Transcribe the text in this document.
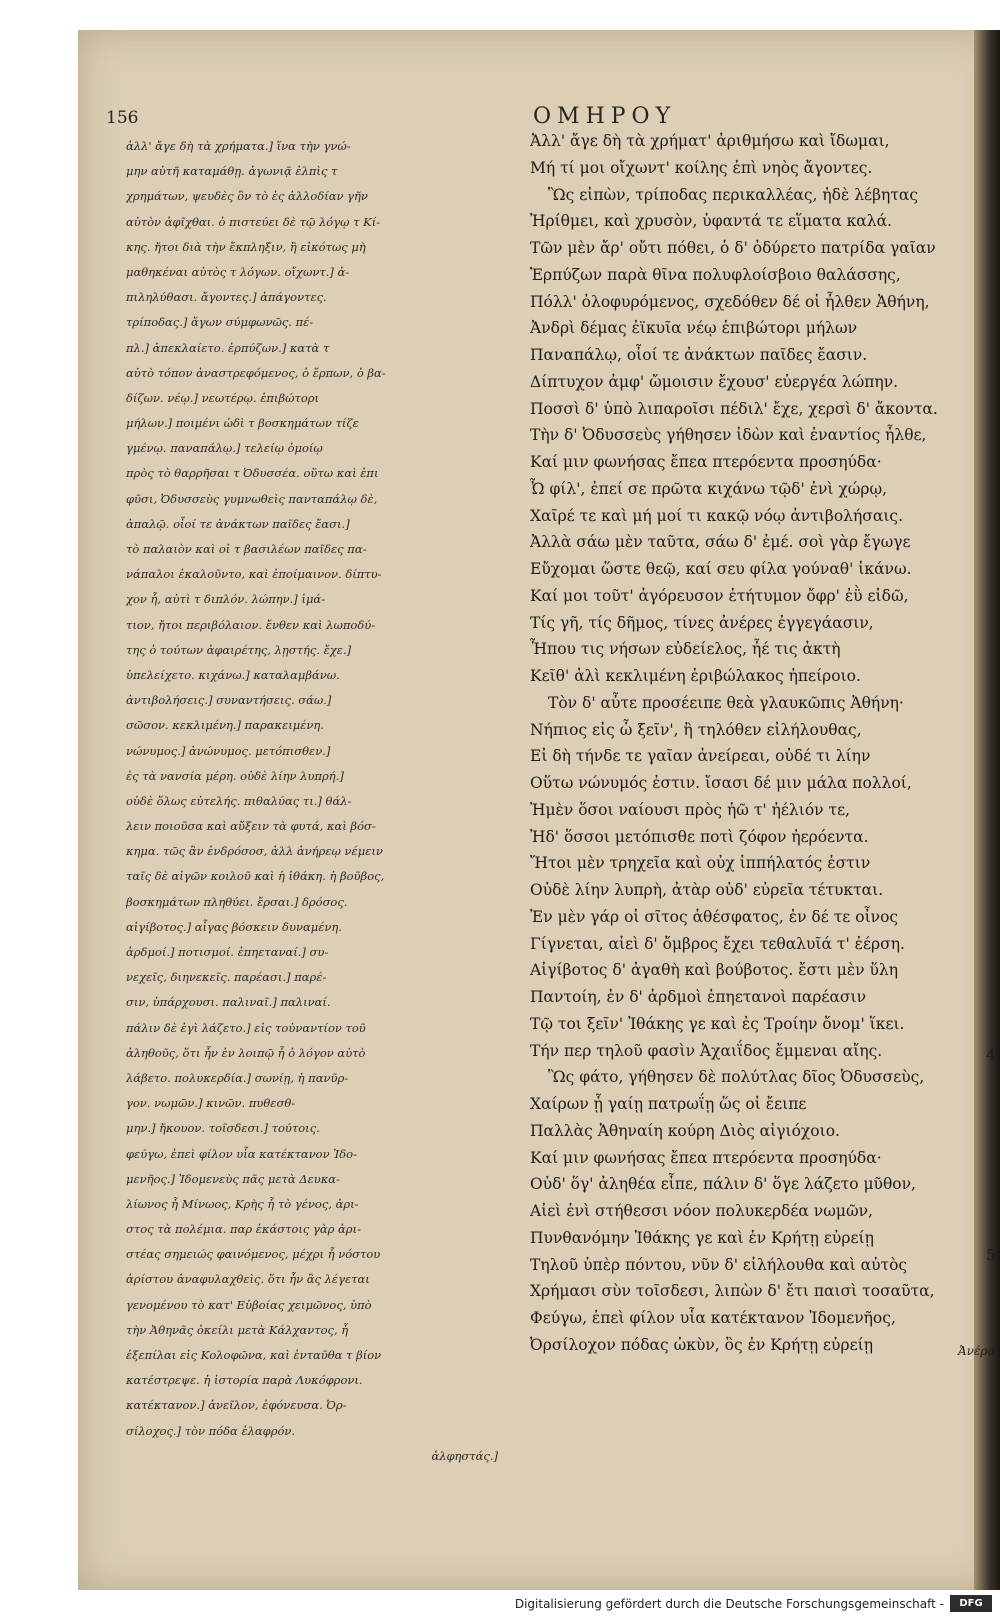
156	ΟΜΗΡΟΥ
ἀλλ' ἄγε δὴ τὰ χρήματα.] ἵνα τὴν γνώ-
μην αὐτῆ καταμάθῃ. ἀγωνιᾷ ἐλπὶς τ
χρημάτων, ψευδὲς ὂν τὸ ἐς ἀλλοδίαν γῆν
αὐτὸν ἀφῖχθαι. ὁ πιστεύει δὲ τῷ λόγῳ τ Κί-
κης. ἤτοι διὰ τὴν ἔκπληξιν, ἢ εἰκότως μὴ
μαθηκέναι αὐτὸς τ λόγων. οἴχωντ.] ἀ-
πιληλύθασι. ἄγοντες.] ἀπάγοντες.
τρίποδας.] ἄγων σύμφωνῶς. πέ-
πλ.] ἀπεκλαίετο. ἑρπύζων.] κατὰ τ
αὐτὸ τόπον ἀναστρεφόμενος, ὁ ἕρπων, ὁ βα-
δίζων. νέῳ.] νεωτέρῳ. ἐπιβώτορι
μήλων.] ποιμένι ὡδὶ τ βοσκημάτων τίζε
γμένῳ. παναπάλῳ.] τελείῳ ὁμοίῳ
πρὸς τὸ θαρρῆσαι τ Ὀδυσσέα. οὕτω καὶ ἐπι
φῦσι, Ὀδυσσεὺς γυμνωθεὶς πανταπάλῳ δὲ,
ἀπαλῷ. οἷοί τε ἀνάκτων παῖδες ἔασι.]
τὸ παλαιὸν καὶ οἱ τ βασιλέων παῖδες πα-
νάπαλοι ἐκαλοῦντο, καὶ ἐποίμαινον. δίπτυ-
χον ἦ, αὐτὶ τ διπλόν. λώπην.] ἱμά-
τιον, ἤτοι περιβόλαιον. ἔνθεν καὶ λωποδύ-
της ὁ τούτων ἀφαιρέτης, λῃστής. ἔχε.]
ὑπελείχετο. κιχάνω.] καταλαμβάνω.
ἀντιβολήσεις.] συναντήσεις. σάω.]
σῶσον. κεκλιμένη.] παρακειμένη.
νώνυμος.] ἀνώνυμος. μετόπισθεν.]
ἐς τὰ νανσία μέρη. οὐδὲ λίην λυπρή.]
οὐδὲ ὅλως εὐτελής. πιθαλύας τι.] θάλ-
λειν ποιοῦσα καὶ αὔξειν τὰ φυτά, καὶ βόσ-
κημα. τῶς ἂν ἐνδρόσοσ, ἀλλ ἀνήρεῳ νέμειν
ταῖς δὲ αἰγῶν κοιλοῦ καὶ ἡ ἰθάκη. ἡ βοῦβος,
βοσκημάτων πληθύει. ἔρσαι.] δρόσος.
αἰγίβοτος.] αἶγας βόσκειν δυναμένη.
ἀρδμοί.] ποτισμοί. ἐπηεταναί.] συ-
νεχεῖς, διηνεκεῖς. παρέασι.] παρέ-
σιν, ὑπάρχουσι. παλιναῖ.] παλιναί.
πάλιν δὲ ἐγὶ λάζετο.] εἰς τοὐναντίον τοῦ
ἀληθοῦς, ὅτι ἦν ἐν λοιπῷ ἦ ὁ λόγον αὐτὸ
λάβετο. πολυκερδία.] σωνίῃ, ἡ πανῦρ-
γον. νωμῶν.] κινῶν. πυθεσθ-
μην.] ἤκουον. τοῖσδεσι.] τούτοις.
φεύγω, ἐπεὶ φίλον υἷα κατέκτανον Ἰδο-
μενῆος.] Ἰδομενεὺς πᾶς μετὰ Δευκα-
λίωνος ἦ Μίνωος, Κρὴς ἦ τὸ γένος, ἀρι-
στος τὰ πολέμια. παρ ἑκάστοις γὰρ ἀρι-
στέας σημειώς φαινόμενος, μέχρι ἦ νόστου
ἀρίστου ἀναφυλαχθεὶς. ὅτι ἦν ἂς λέγεται
γενομένου τὸ κατ' Εὐβοίας χειμῶνος, ὑπὸ
τὴν Ἀθηνᾶς ὀκείλι μετὰ Κάλχαντος, ἦ
ἐξεπίλαι εἰς Κολοφῶνα, καὶ ἐνταῦθα τ βίον
κατέστρεψε. ἡ ἱστορία παρὰ Λυκόφρονι.
κατέκτανον.] ἀνεῖλον, ἐφόνευσα. Ὀρ-
σίλοχος.] τὸν πόδα ἐλαφρόν.
ἀλφηστάς.]
Ἀλλ' ἄγε δὴ τὰ χρήματ' ἀριθμήσω καὶ ἴδωμαι,
Μή τί μοι οἴχωντ' κοίλης ἐπὶ νηὸς ἄγοντες.
Ὣς εἰπὼν, τρίποδας περικαλλέας, ἠδὲ λέβητας
Ἠρίθμει, καὶ χρυσὸν, ὑφαντά τε εἵματα καλά.
Τῶν μὲν ἄρ' οὔτι πόθει, ὁ δ' ὀδύρετο πατρίδα γαῖαν
Ἑρπύζων παρὰ θῖνα πολυφλοίσβοιο θαλάσσης,
Πόλλ' ὀλοφυρόμενος, σχεδόθεν δέ οἱ ἦλθεν Ἀθήνη,
Ἀνδρὶ δέμας ἐϊκυῖα νέῳ ἐπιβώτορι μήλων
Παναπάλῳ, οἷοί τε ἀνάκτων παῖδες ἔασιν.
Δίπτυχον ἀμφ' ὤμοισιν ἔχουσ' εὐεργέα λώπην.
Ποσσὶ δ' ὑπὸ λιπαροῖσι πέδιλ' ἔχε, χερσὶ δ' ἄκοντα.
Τὴν δ' Ὀδυσσεὺς γήθησεν ἰδὼν καὶ ἐναντίος ἦλθε,
Καί μιν φωνήσας ἔπεα πτερόεντα προσηύδα·
Ὦ φίλ', ἐπεί σε πρῶτα κιχάνω τῷδ' ἐνὶ χώρῳ,
Χαῖρέ τε καὶ μή μοί τι κακῷ νόῳ ἀντιβολήσαις.
Ἀλλὰ σάω μὲν ταῦτα, σάω δ' ἐμέ. σοὶ γὰρ ἔγωγε
Εὔχομαι ὥστε θεῷ, καί σευ φίλα γούναθ' ἱκάνω.
Καί μοι τοῦτ' ἀγόρευσον ἐτήτυμον ὄφρ' ἐῢ εἰδῶ,
Τίς γῆ, τίς δῆμος, τίνες ἀνέρες ἐγγεγάασιν,
Ἦπου τις νήσων εὐδείελος, ἦέ τις ἀκτὴ
Κεῖθ' ἁλὶ κεκλιμένη ἐριβώλακος ἠπείροιο.
Τὸν δ' αὖτε προσέειπε θεὰ γλαυκῶπις Ἀθήνη·
Νήπιος εἰς ὦ ξεῖν', ἢ τηλόθεν εἰλήλουθας,
Εἰ δὴ τήνδε τε γαῖαν ἀνείρεαι, οὐδέ τι λίην
Οὕτω νώνυμός ἐστιν. ἴσασι δέ μιν μάλα πολλοί,
Ἠμὲν ὅσοι ναίουσι πρὸς ἠῶ τ' ἠέλιόν τε,
Ἠδ' ὅσσοι μετόπισθε ποτὶ ζόφον ἠερόεντα.
Ἤτοι μὲν τρηχεῖα καὶ οὐχ ἱππήλατός ἐστιν
Οὐδὲ λίην λυπρὴ, ἀτὰρ οὐδ' εὐρεῖα τέτυκται.
Ἐν μὲν γάρ οἱ σῖτος ἀθέσφατος, ἐν δέ τε οἶνος
Γίγνεται, αἰεὶ δ' ὄμβρος ἔχει τεθαλυῖά τ' ἐέρση.
Αἰγίβοτος δ' ἀγαθὴ καὶ βούβοτος. ἔστι μὲν ὕλη
Παντοίη, ἐν δ' ἀρδμοὶ ἐπηετανοὶ παρέασιν
Τῷ τοι ξεῖν' Ἰθάκης γε καὶ ἐς Τροίην ὄνομ' ἵκει.
Τήν περ τηλοῦ φασὶν Ἀχαιΐδος ἔμμεναι αἴης.
Ὣς φάτο, γήθησεν δὲ πολύτλας δῖος Ὀδυσσεὺς,
Χαίρων ᾗ γαίῃ πατρωΐῃ ὥς οἱ ἔειπε
Παλλὰς Ἀθηναίη κούρη Διὸς αἰγιόχοιο.
Καί μιν φωνήσας ἔπεα πτερόεντα προσηύδα·
Οὐδ' ὅγ' ἀληθέα εἶπε, πάλιν δ' ὅγε λάζετο μῦθον,
Αἰεὶ ἐνὶ στήθεσσι νόον πολυκερδέα νωμῶν,
Πυνθανόμην Ἰθάκης γε καὶ ἐν Κρήτῃ εὐρείῃ
Τηλοῦ ὑπὲρ πόντου, νῦν δ' εἰλήλουθα καὶ αὐτὸς
Χρήμασι σὺν τοῖσδεσι, λιπὼν δ' ἔτι παισὶ τοσαῦτα,
Φεύγω, ἐπεὶ φίλον υἷα κατέκτανον Ἰδομενῆος,
Ὀρσίλοχον πόδας ὠκὺν, ὃς ἐν Κρήτῃ εὐρείῃ
4
5
Ἀνέρα
Digitalisierung gefördert durch die Deutsche Forschungsgemeinschaft -	DFG
